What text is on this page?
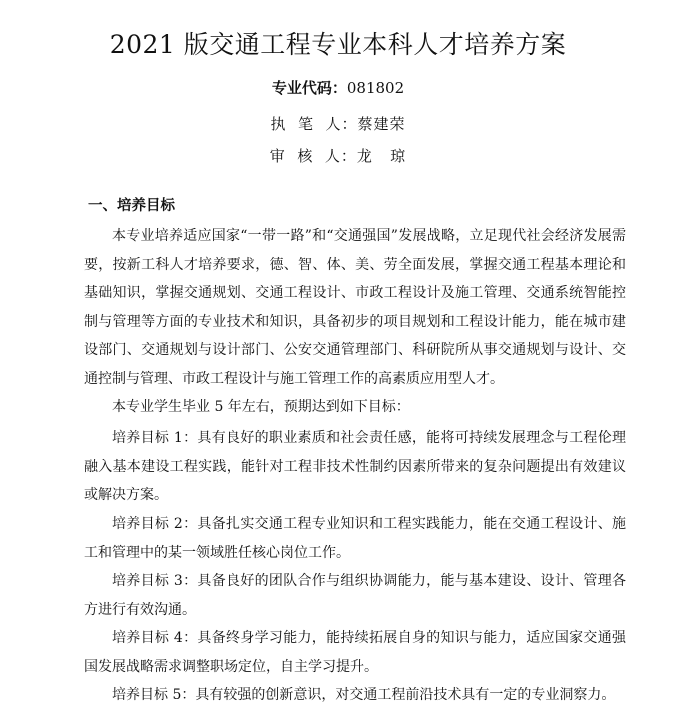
2021 版交通工程专业本科人才培养方案
专业代码：081802
执  笔  人：蔡建荣
审  核  人：龙   琼
一、培养目标

本专业培养适应国家“一带一路”和“交通强国”发展战略，立足现代社会经济发展需要，按新工科人才培养要求，德、智、体、美、劳全面发展，掌握交通工程基本理论和基础知识，掌握交通规划、交通工程设计、市政工程设计及施工管理、交通系统智能控制与管理等方面的专业技术和知识，具备初步的项目规划和工程设计能力，能在城市建设部门、交通规划与设计部门、公安交通管理部门、科研院所从事交通规划与设计、交通控制与管理、市政工程设计与施工管理工作的高素质应用型人才。

本专业学生毕业 5 年左右，预期达到如下目标：

培养目标 1：具有良好的职业素质和社会责任感，能将可持续发展理念与工程伦理融入基本建设工程实践，能针对工程非技术性制约因素所带来的复杂问题提出有效建议或解决方案。

培养目标 2：具备扎实交通工程专业知识和工程实践能力，能在交通工程设计、施工和管理中的某一领域胜任核心岗位工作。

培养目标 3：具备良好的团队合作与组织协调能力，能与基本建设、设计、管理各方进行有效沟通。

培养目标 4：具备终身学习能力，能持续拓展自身的知识与能力，适应国家交通强国发展战略需求调整职场定位，自主学习提升。

培养目标 5：具有较强的创新意识，对交通工程前沿技术具有一定的专业洞察力。
